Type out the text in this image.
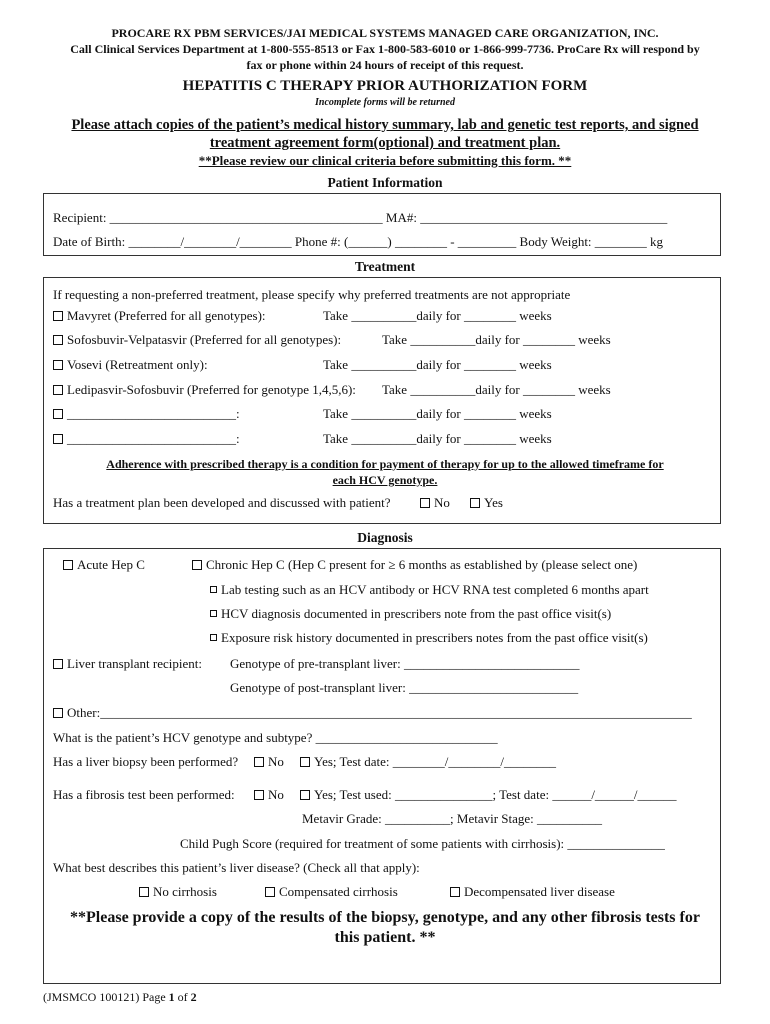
PROCARE RX PBM SERVICES/JAI MEDICAL SYSTEMS MANAGED CARE ORGANIZATION, INC.
Call Clinical Services Department at 1-800-555-8513 or Fax 1-800-583-6010 or 1-866-999-7736. ProCare Rx will respond by
fax or phone within 24 hours of receipt of this request.
HEPATITIS C THERAPY PRIOR AUTHORIZATION FORM
Incomplete forms will be returned
Please attach copies of the patient’s medical history summary, lab and genetic test reports, and signed
treatment agreement form(optional) and treatment plan.
**Please review our clinical criteria before submitting this form. **
Patient Information
Recipient: __________________________________________ MA#: ______________________________________
Date of Birth: ________/________/________ Phone #: (______) ________ - _________ Body Weight: ________ kg
Treatment
If requesting a non-preferred treatment, please specify why preferred treatments are not appropriate
Mavyret (Preferred for all genotypes):	Take __________daily for ________ weeks
Sofosbuvir-Velpatasvir (Preferred for all genotypes):	Take __________daily for ________ weeks
Vosevi (Retreatment only):	Take __________daily for ________ weeks
Ledipasvir-Sofosbuvir (Preferred for genotype 1,4,5,6): Take __________daily for ________ weeks
__________________________:	Take __________daily for ________ weeks
__________________________:	Take __________daily for ________ weeks
Adherence with prescribed therapy is a condition for payment of therapy for up to the allowed timeframe for
each HCV genotype.
Has a treatment plan been developed and discussed with patient?	No	Yes
Diagnosis
Acute Hep C	Chronic Hep C (Hep C present for ≥ 6 months as established by (please select one)
Lab testing such as an HCV antibody or HCV RNA test completed 6 months apart
HCV diagnosis documented in prescribers note from the past office visit(s)
Exposure risk history documented in prescribers notes from the past office visit(s)
Liver transplant recipient: Genotype of pre-transplant liver: ___________________________
Genotype of post-transplant liver: __________________________
Other:___________________________________________________________________________________________
What is the patient’s HCV genotype and subtype? ____________________________
Has a liver biopsy been performed?	No	Yes; Test date: ________/________/________
Has a fibrosis test been performed:	No	Yes; Test used: _______________; Test date: ______/______/______
Metavir Grade: __________; Metavir Stage: __________
Child Pugh Score (required for treatment of some patients with cirrhosis): _______________
What best describes this patient’s liver disease? (Check all that apply):
No cirrhosis	Compensated cirrhosis	Decompensated liver disease
**Please provide a copy of the results of the biopsy, genotype, and any other fibrosis tests for
this patient. **
(JMSMCO 100121) Page 1 of 2
